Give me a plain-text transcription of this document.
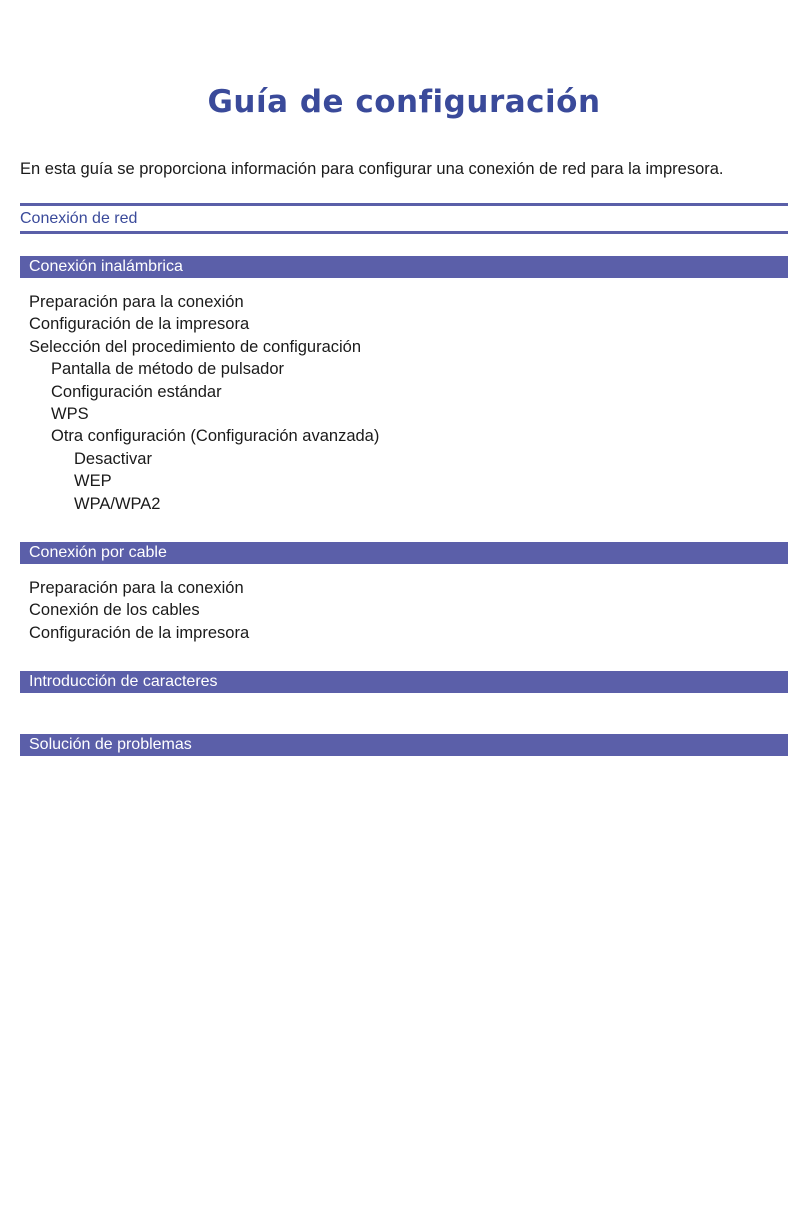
Guía de configuración

En esta guía se proporciona información para configurar una conexión de red para la impresora.

Conexión de red
Conexión inalámbrica
Preparación para la conexión
Configuración de la impresora
Selección del procedimiento de configuración
Pantalla de método de pulsador
Configuración estándar
WPS
Otra configuración (Configuración avanzada)
Desactivar
WEP
WPA/WPA2
Conexión por cable
Preparación para la conexión
Conexión de los cables
Configuración de la impresora
Introducción de caracteres
Solución de problemas
